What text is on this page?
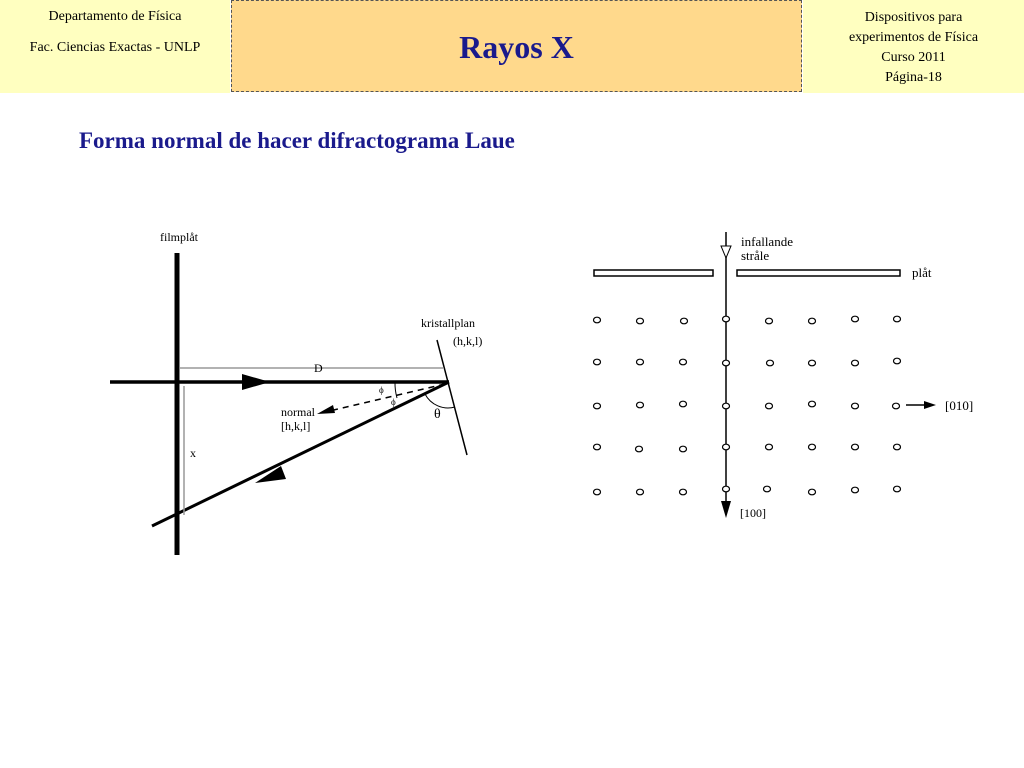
Departamento de Física
Fac. Ciencias Exactas - UNLP	Rayos X
Dispositivos para
experimentos de Física
Curso 2011
Página-18
Forma normal de hacer difractograma Laue
filmplåt
kristallplan
(h,k,l)
normal
[h,k,l]
D
x
ϕ
ϕ
θ
plåt
infallande
stråle
[100]
[010]
